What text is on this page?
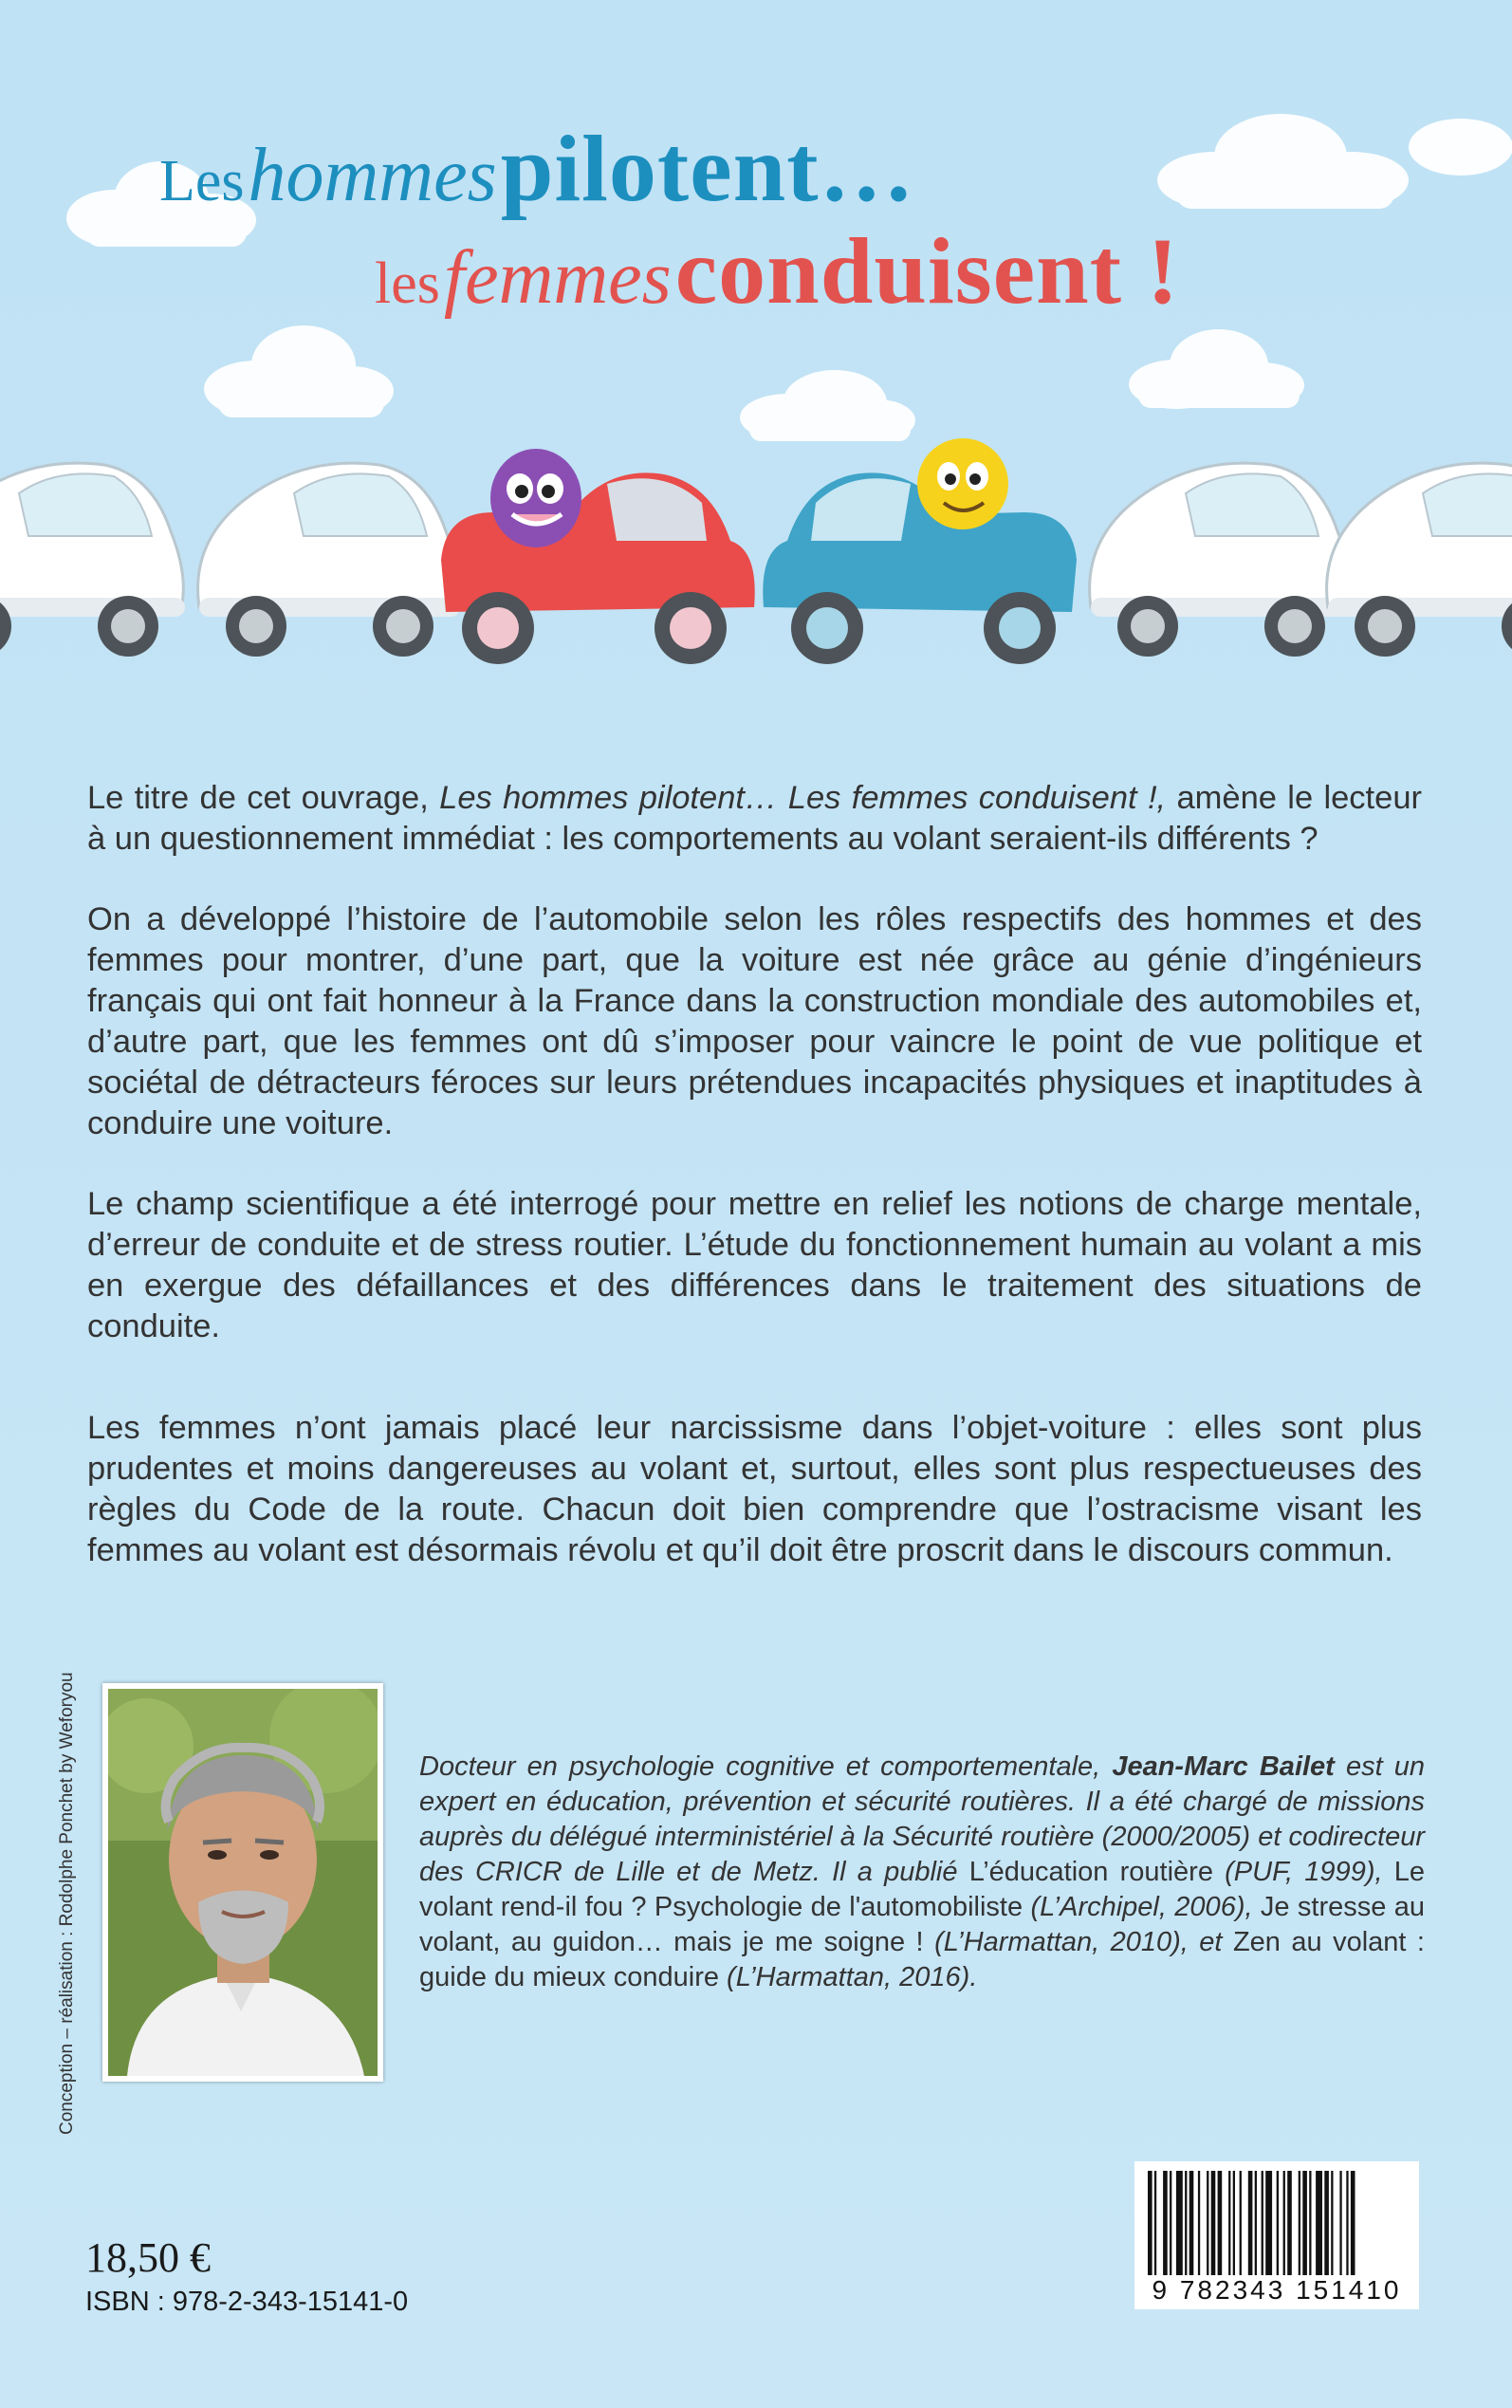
Les hommes pilotent…
les femmes conduisent !

Le titre de cet ouvrage, Les hommes pilotent… Les femmes conduisent !, amène le lecteur à un questionnement immédiat : les comportements au volant seraient-ils différents ?

On a développé l’histoire de l’automobile selon les rôles respectifs des hommes et des femmes pour montrer, d’une part, que la voiture est née grâce au génie d’ingénieurs français qui ont fait honneur à la France dans la construction mondiale des automobiles et, d’autre part, que les femmes ont dû s’imposer pour vaincre le point de vue politique et sociétal de détracteurs féroces sur leurs prétendues incapacités physiques et inaptitudes à conduire une voiture.

Le champ scientifique a été interrogé pour mettre en relief les notions de charge mentale, d’erreur de conduite et de stress routier. L’étude du fonctionnement humain au volant a mis en exergue des défaillances et des différences dans le traitement des situations de conduite.

Les femmes n’ont jamais placé leur narcissisme dans l’objet-voiture : elles sont plus prudentes et moins dangereuses au volant et, surtout, elles sont plus respectueuses des règles du Code de la route. Chacun doit bien comprendre que l’ostracisme visant les femmes au volant est désormais révolu et qu’il doit être proscrit dans le discours commun.

Conception – réalisation : Rodolphe Ponchet by Weforyou	Docteur en psychologie cognitive et comportementale, Jean-Marc Bailet est un expert en éducation, prévention et sécurité routières. Il a été chargé de missions auprès du délégué interministériel à la Sécurité routière (2000/2005) et codirecteur des CRICR de Lille et de Metz. Il a publié L’éducation routière (PUF, 1999), Le volant rend-il fou ? Psychologie de l'automobiliste (L’Archipel, 2006), Je stresse au volant, au guidon… mais je me soigne ! (L’Harmattan, 2010), et Zen au volant : guide du mieux conduire (L’Harmattan, 2016).
18,50 €
ISBN : 978-2-343-15141-0	9 782343 151410
